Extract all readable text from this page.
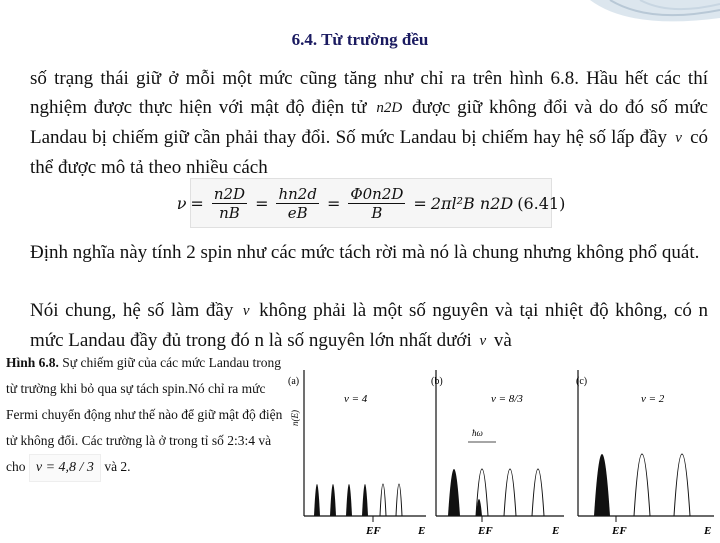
6.4. Từ trường đều
số trạng thái giữ ở mỗi một mức cũng tăng như chỉ ra trên hình 6.8. Hầu hết các thí nghiệm được thực hiện với mật độ điện tử n2D được giữ không đổi và do đó số mức Landau bị chiếm giữ cần phải thay đổi. Số mức Landau bị chiếm hay hệ số lấp đầy ν có thể được mô tả theo nhiều cách
$\nu = \frac{n2D}{nB} = \frac{hn2d}{eB} = \frac{\Phi 0n2D}{B} = 2\pi l^2B$ n2D (6.41)
Định nghĩa này tính 2 spin như các mức tách rời mà nó là chung nhưng không phổ quát.
Nói chung, hệ số làm đầy ν không phải là một số nguyên và tại nhiệt độ không, có n mức Landau đầy đủ trong đó n là số nguyên lớn nhất dưới ν và
Hình 6.8. Sự chiếm giữ của các mức Landau trong từ trường khi bỏ qua sự tách spin.Nó chỉ ra mức Fermi chuyển động như thế nào để giữ mật độ điện tử không đổi. Các trường là ở trong tỉ số 2:3:4 và cho ν = 4,8 / 3 và 2.
(a)
n(E)
ν = 4
EF	E
(b)
ν = 8/3
ħω
EF	E
(c)
ν = 2
EF	E
